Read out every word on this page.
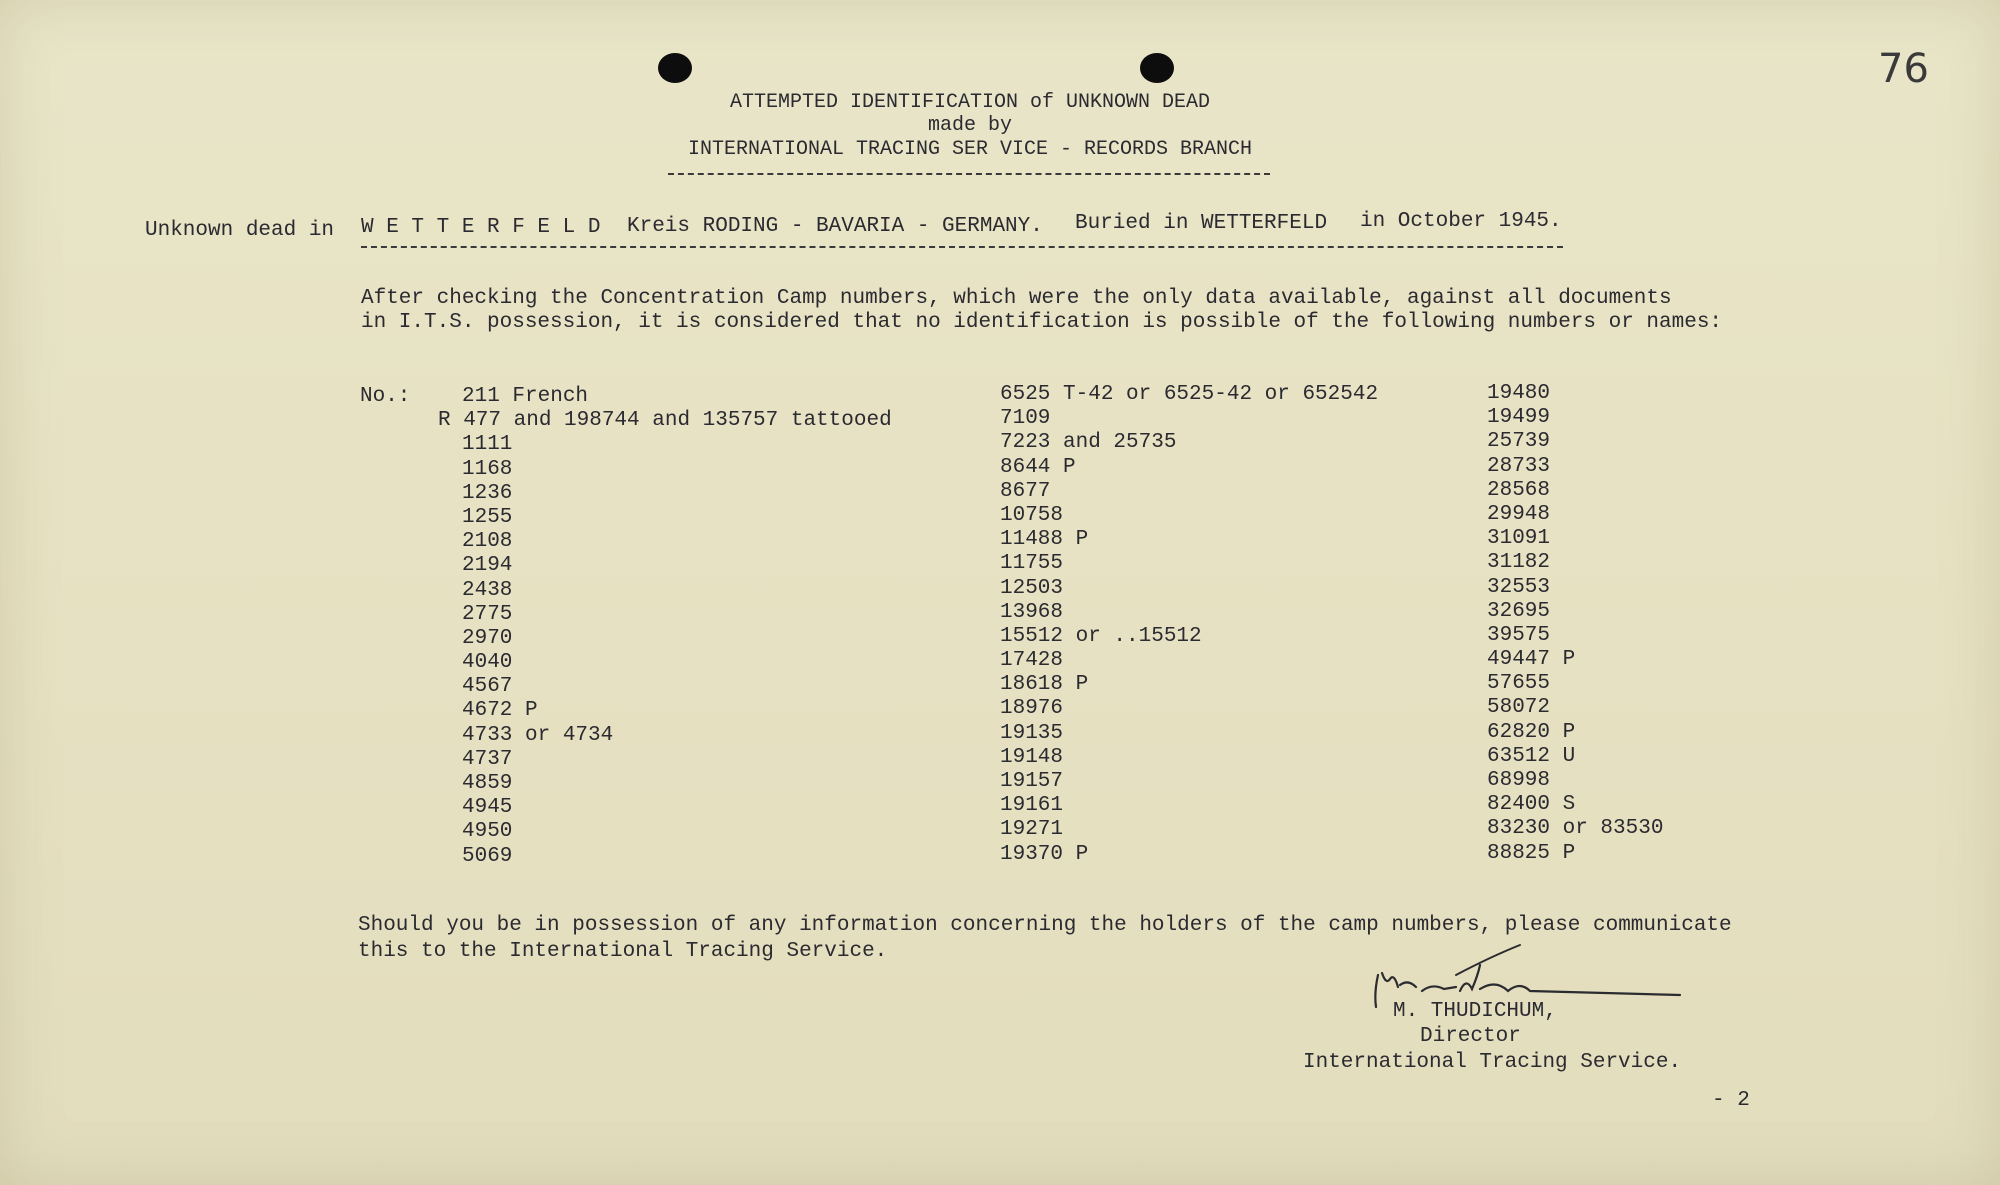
76
ATTEMPTED IDENTIFICATION of UNKNOWN DEAD
made by
INTERNATIONAL TRACING SER VICE - RECORDS BRANCH
Unknown dead in W E T T E R F E L D Kreis RODING - BAVARIA - GERMANY. Buried in WETTERFELD in October 1945.
After checking the Concentration Camp numbers, which were the only data available, against all documents
in I.T.S. possession, it is considered that no identification is possible of the following numbers or names:
No.:	211 French
R 477 and 198744 and 135757 tattooed
1111
1168
1236
1255
2108
2194
2438
2775
2970
4040
4567
4672 P
4733 or 4734
4737
4859
4945
4950
5069
6525 T-42 or 6525-42 or 652542
7109
7223 and 25735
8644 P
8677
10758
11488 P
11755
12503
13968
15512 or ..15512
17428
18618 P
18976
19135
19148
19157
19161
19271
19370 P
19480
19499
25739
28733
28568
29948
31091
31182
32553
32695
39575
49447 P
57655
58072
62820 P
63512 U
68998
82400 S
83230 or 83530
88825 P
Should you be in possession of any information concerning the holders of the camp numbers, please communicate
this to the International Tracing Service.
M. THUDICHUM,
Director
International Tracing Service.
- 2
